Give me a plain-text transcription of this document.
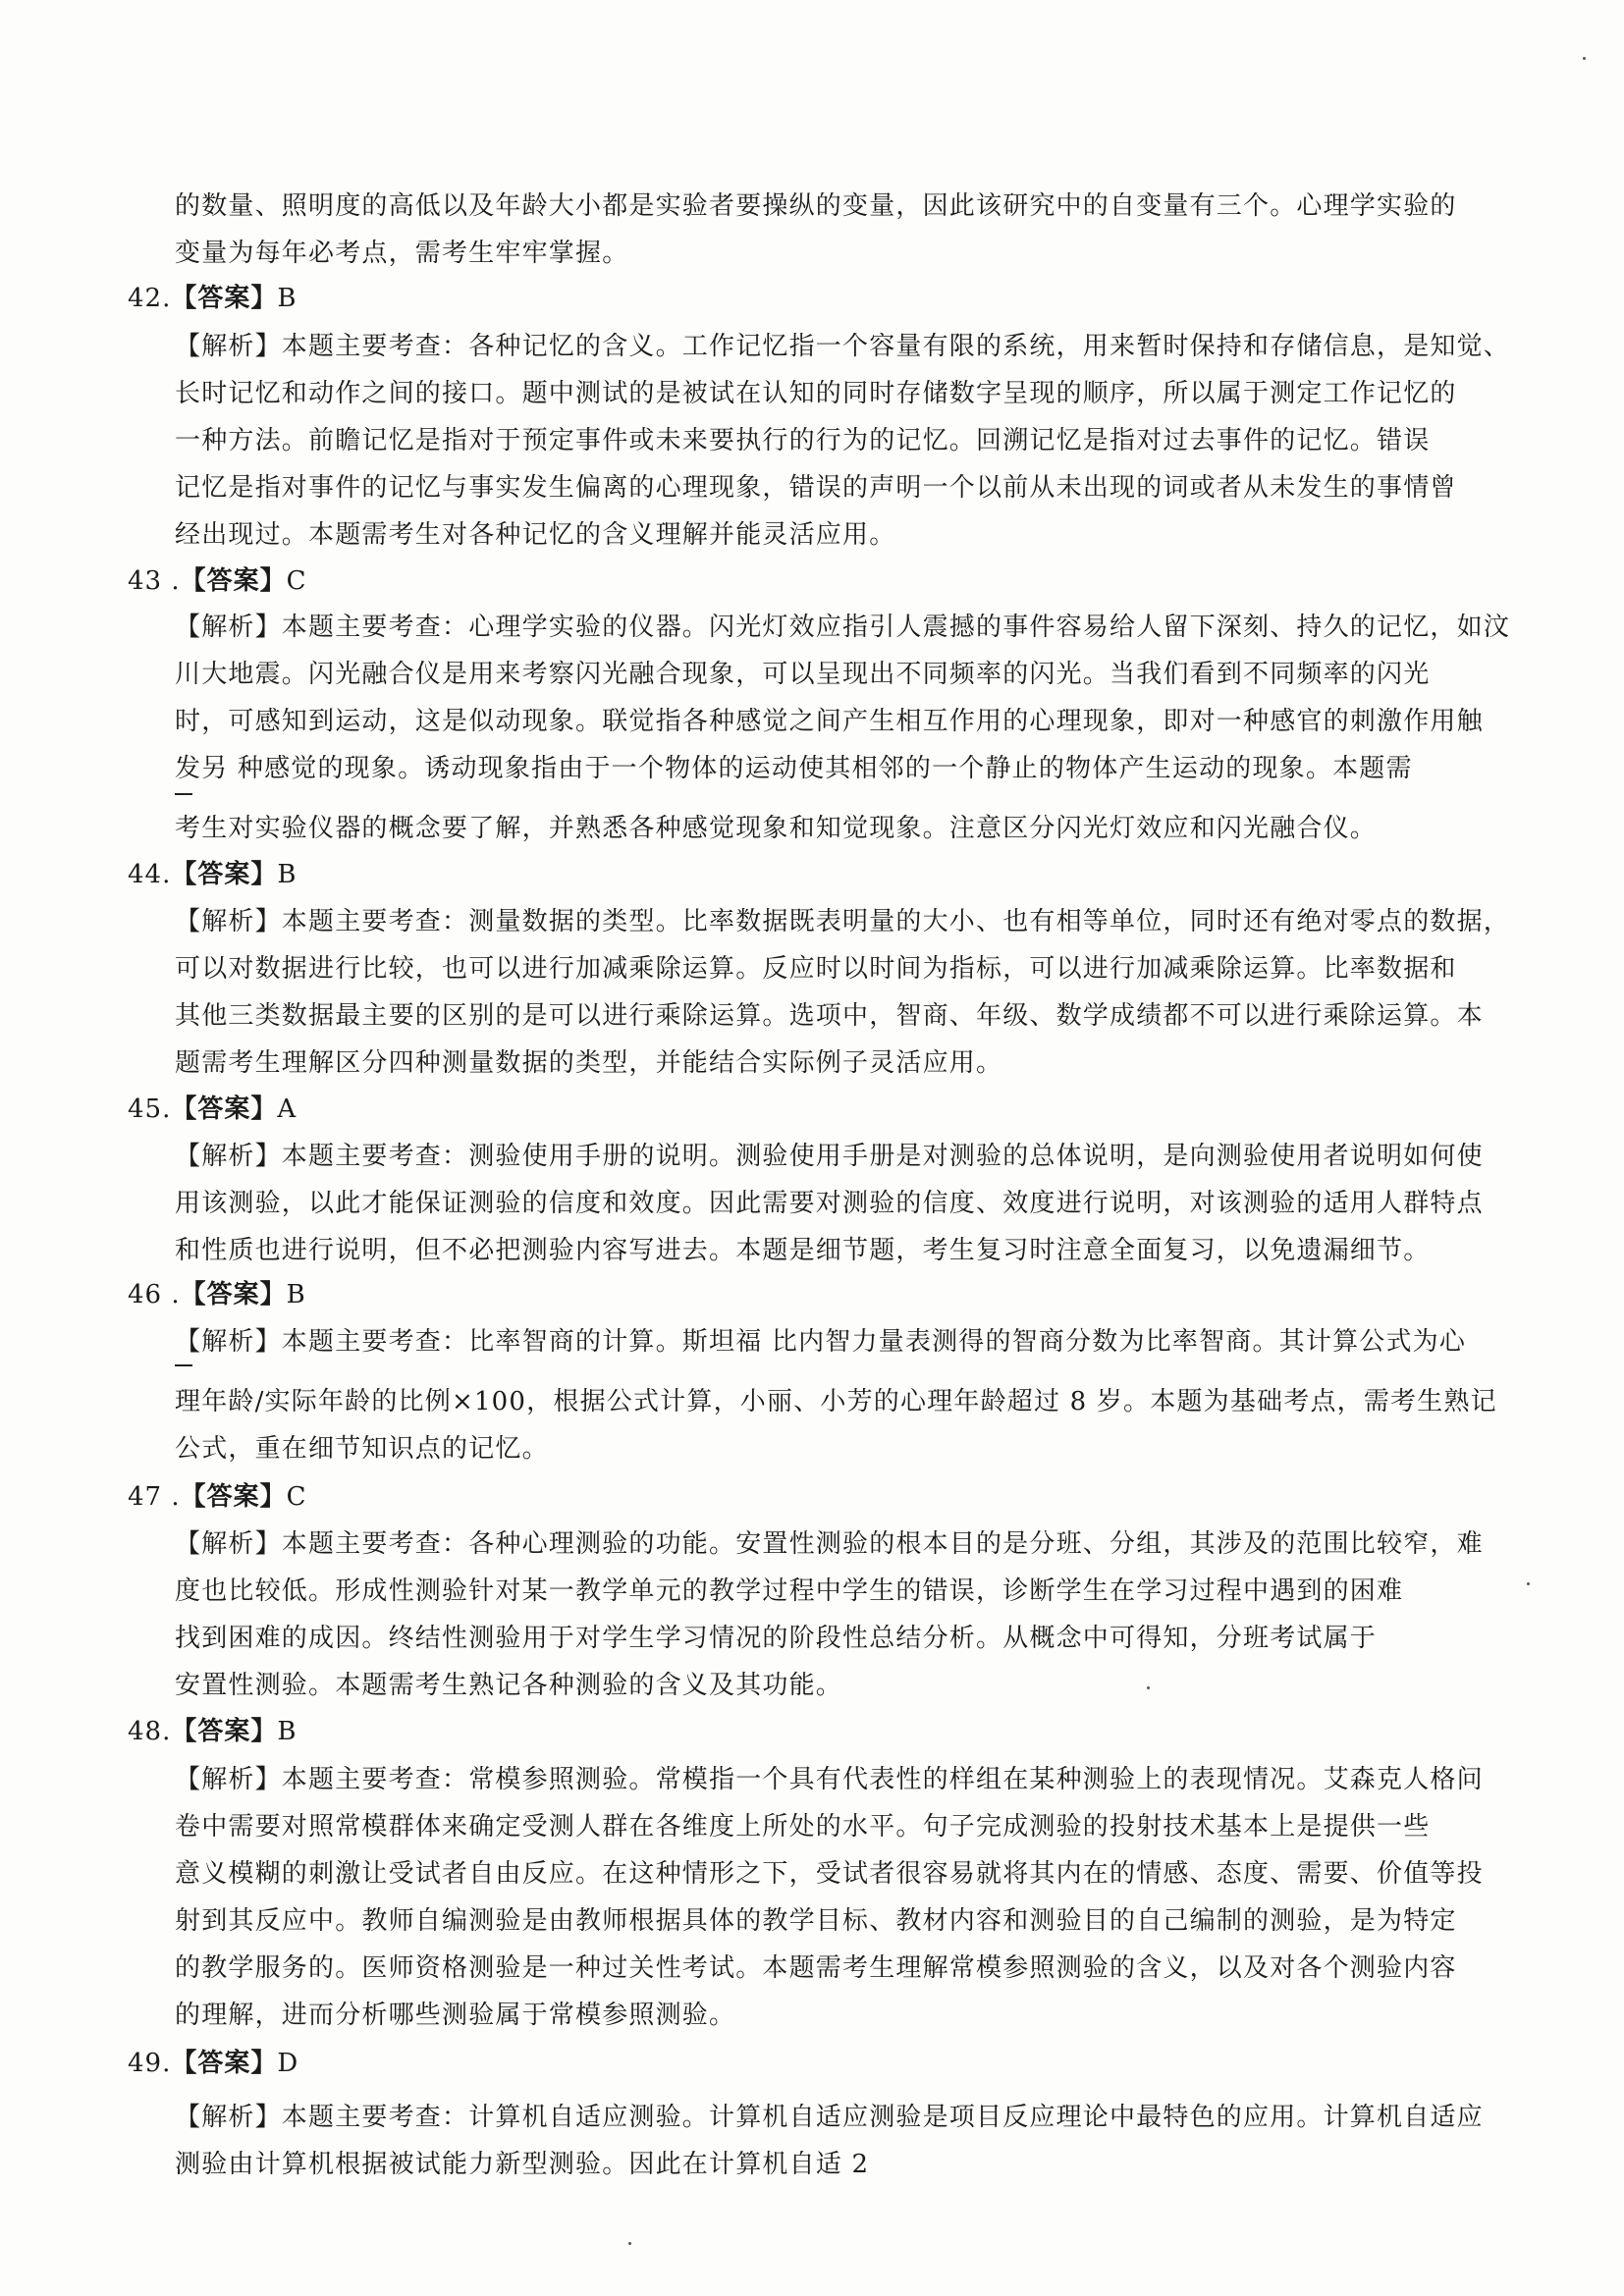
的数量、照明度的高低以及年龄大小都是实验者要操纵的变量，因此该研究中的自变量有三个。心理学实验的
变量为每年必考点，需考生牢牢掌握。
42.【答案】B
【解析】本题主要考查：各种记忆的含义。工作记忆指一个容量有限的系统，用来暂时保持和存储信息，是知觉、
长时记忆和动作之间的接口。题中测试的是被试在认知的同时存储数字呈现的顺序，所以属于测定工作记忆的
一种方法。前瞻记忆是指对于预定事件或未来要执行的行为的记忆。回溯记忆是指对过去事件的记忆。错误
记忆是指对事件的记忆与事实发生偏离的心理现象，错误的声明一个以前从未出现的词或者从未发生的事情曾
经出现过。本题需考生对各种记忆的含义理解并能灵活应用。
43 .【答案】C
【解析】本题主要考查：心理学实验的仪器。闪光灯效应指引人震撼的事件容易给人留下深刻、持久的记忆，如汶
川大地震。闪光融合仪是用来考察闪光融合现象，可以呈现出不同频率的闪光。当我们看到不同频率的闪光
时，可感知到运动，这是似动现象。联觉指各种感觉之间产生相互作用的心理现象，即对一种感官的刺激作用触
发另 种感觉的现象。诱动现象指由于一个物体的运动使其相邻的一个静止的物体产生运动的现象。本题需
考生对实验仪器的概念要了解，并熟悉各种感觉现象和知觉现象。注意区分闪光灯效应和闪光融合仪。
44.【答案】B
【解析】本题主要考查：测量数据的类型。比率数据既表明量的大小、也有相等单位，同时还有绝对零点的数据，
可以对数据进行比较，也可以进行加减乘除运算。反应时以时间为指标，可以进行加减乘除运算。比率数据和
其他三类数据最主要的区别的是可以进行乘除运算。选项中，智商、年级、数学成绩都不可以进行乘除运算。本
题需考生理解区分四种测量数据的类型，并能结合实际例子灵活应用。
45.【答案】A
【解析】本题主要考查：测验使用手册的说明。测验使用手册是对测验的总体说明，是向测验使用者说明如何使
用该测验，以此才能保证测验的信度和效度。因此需要对测验的信度、效度进行说明，对该测验的适用人群特点
和性质也进行说明，但不必把测验内容写进去。本题是细节题，考生复习时注意全面复习，以免遗漏细节。
46 .【答案】B
【解析】本题主要考查：比率智商的计算。斯坦福 比内智力量表测得的智商分数为比率智商。其计算公式为心
理年龄/实际年龄的比例×100，根据公式计算，小丽、小芳的心理年龄超过 8 岁。本题为基础考点，需考生熟记
公式，重在细节知识点的记忆。
47 .【答案】C
【解析】本题主要考查：各种心理测验的功能。安置性测验的根本目的是分班、分组，其涉及的范围比较窄，难
度也比较低。形成性测验针对某一教学单元的教学过程中学生的错误，诊断学生在学习过程中遇到的困难
找到困难的成因。终结性测验用于对学生学习情况的阶段性总结分析。从概念中可得知，分班考试属于
安置性测验。本题需考生熟记各种测验的含义及其功能。
48.【答案】B
【解析】本题主要考查：常模参照测验。常模指一个具有代表性的样组在某种测验上的表现情况。艾森克人格问
卷中需要对照常模群体来确定受测人群在各维度上所处的水平。句子完成测验的投射技术基本上是提供一些
意义模糊的刺激让受试者自由反应。在这种情形之下，受试者很容易就将其内在的情感、态度、需要、价值等投
射到其反应中。教师自编测验是由教师根据具体的教学目标、教材内容和测验目的自己编制的测验，是为特定
的教学服务的。医师资格测验是一种过关性考试。本题需考生理解常模参照测验的含义，以及对各个测验内容
的理解，进而分析哪些测验属于常模参照测验。
49.【答案】D
【解析】本题主要考查：计算机自适应测验。计算机自适应测验是项目反应理论中最特色的应用。计算机自适应
测验由计算机根据被试能力新型测验。因此在计算机自适 2
